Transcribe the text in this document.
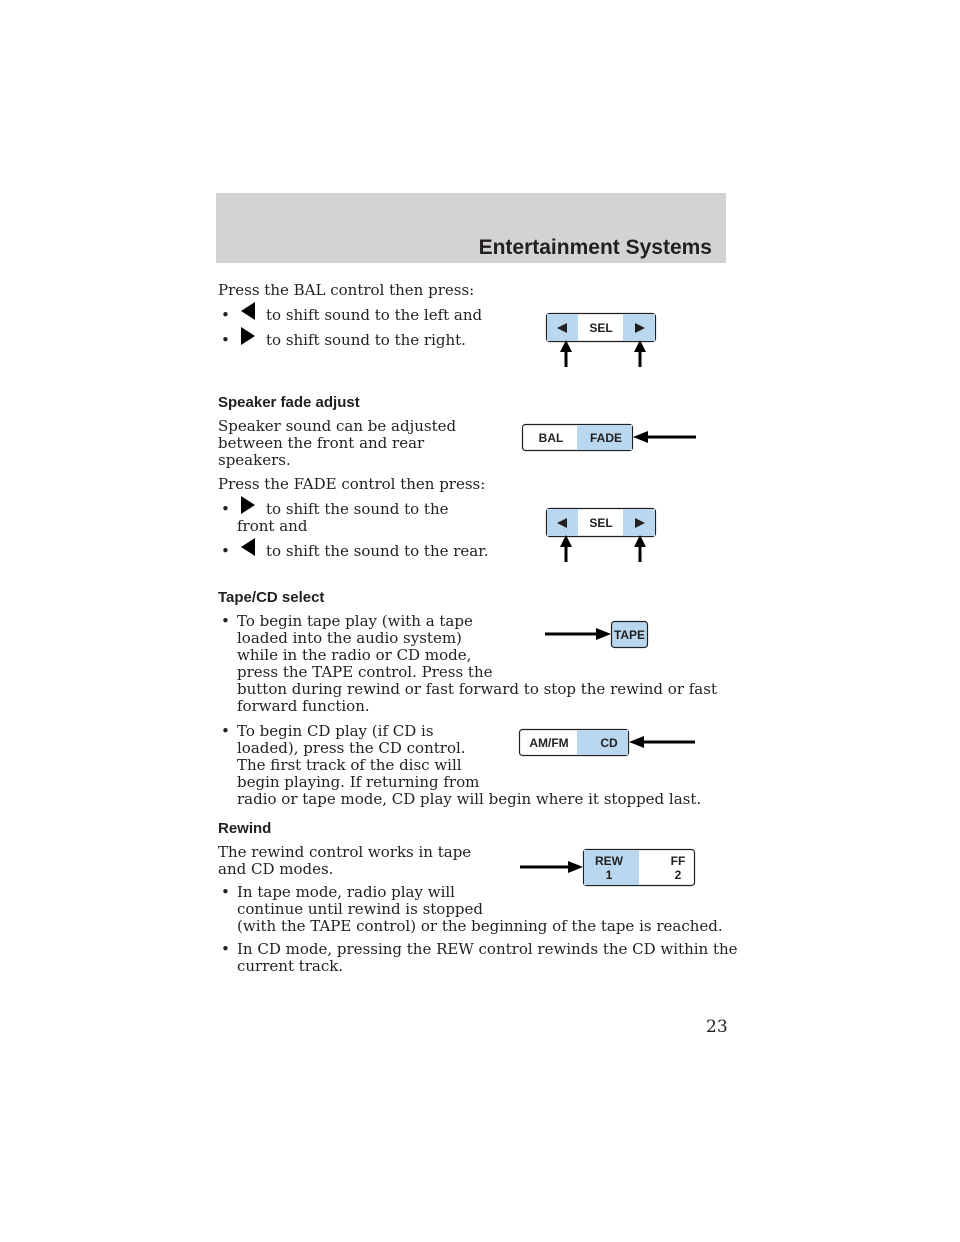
Entertainment Systems
Press the BAL control then press:
• to shift sound to the left and
• to shift sound to the right.
SEL
Speaker fade adjust
Speaker sound can be adjusted
between the front and rear
speakers.
Press the FADE control then press:
• to shift the sound to the
front and
• to shift the sound to the rear.
BAL FADE
SEL
Tape/CD select
• To begin tape play (with a tape
loaded into the audio system)
while in the radio or CD mode,
press the TAPE control. Press the
button during rewind or fast forward to stop the rewind or fast
forward function.
TAPE
• To begin CD play (if CD is
loaded), press the CD control.
The first track of the disc will
begin playing. If returning from
radio or tape mode, CD play will begin where it stopped last.
AM/FM	CD
Rewind
The rewind control works in tape
and CD modes.
• In tape mode, radio play will
continue until rewind is stopped
(with the TAPE control) or the beginning of the tape is reached.
• In CD mode, pressing the REW control rewinds the CD within the
current track.
REW
1
FF
2
23
